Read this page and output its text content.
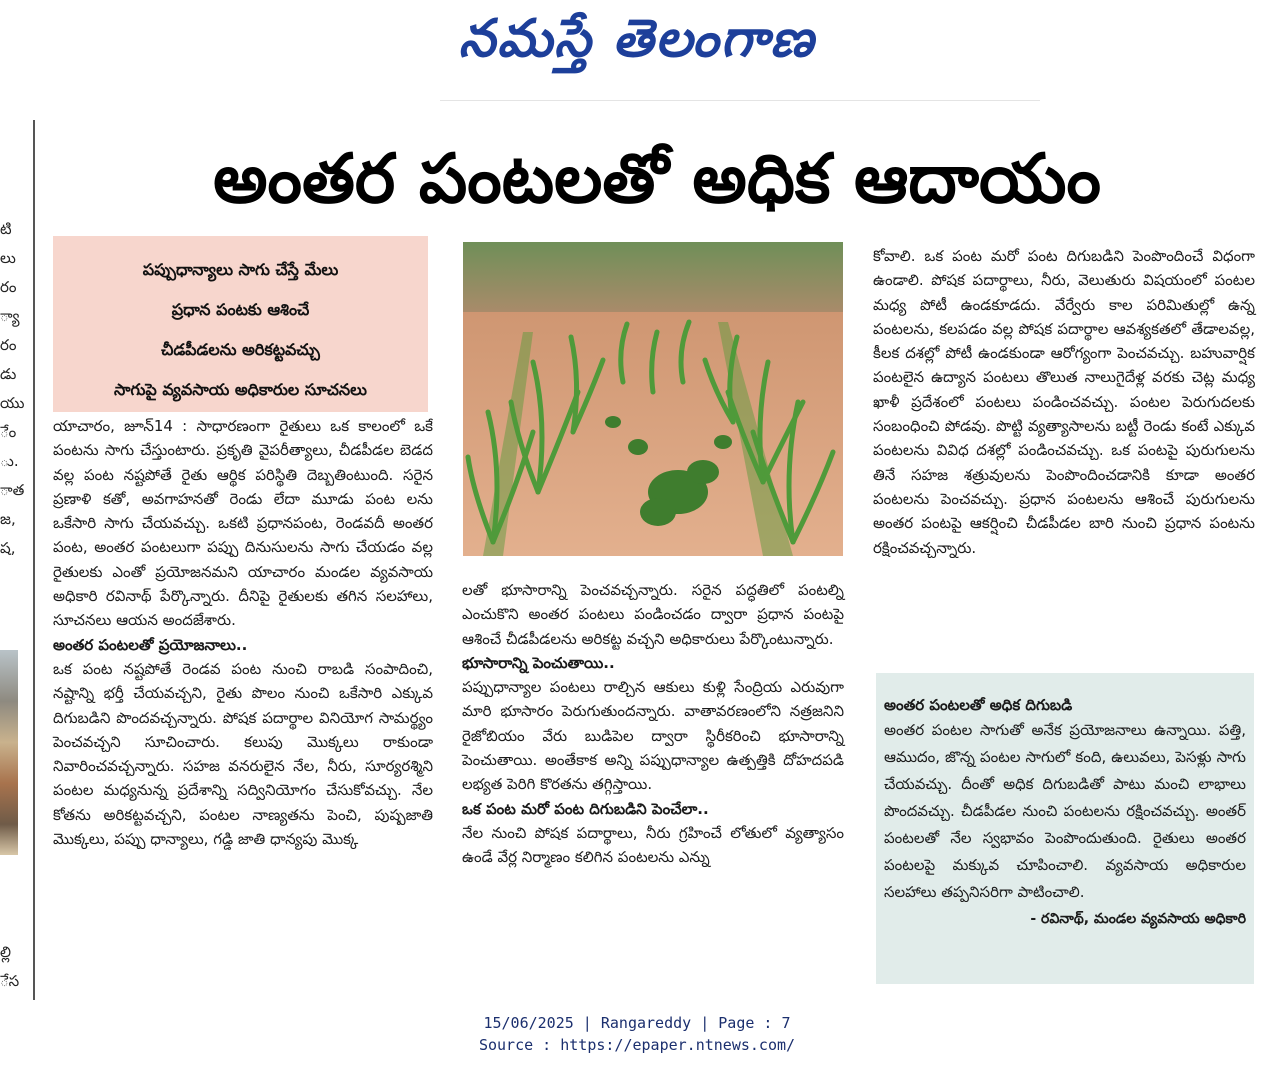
నమస్తే తెలంగాణ
టి
లు
రం
్యా
రం
డు
యు
ేం
ు.
ాత
జ,
ష,
ల్లి
ేస
అంతర పంటలతో అధిక ఆదాయం
పప్పుధాన్యాలు సాగు చేస్తే మేలు
ప్రధాన పంటకు ఆశించే
చీడపీడలను అరికట్టవచ్చు
సాగుపై వ్యవసాయ అధికారుల సూచనలు

యాచారం, జూన్14 : సాధారణంగా రైతులు ఒక కాలంలో ఒకే పంటను సాగు చేస్తుంటారు. ప్రకృతి వైపరీత్యాలు, చీడపీడల బెడద వల్ల పంట నష్టపోతే రైతు ఆర్థిక పరిస్థితి దెబ్బతింటుంది. సరైన ప్రణాళి కతో, అవగాహనతో రెండు లేదా మూడు పంట లను ఒకేసారి సాగు చేయవచ్చు. ఒకటి ప్రధానపంట, రెండవదీ అంతర పంట, అంతర పంటలుగా పప్పు దినుసులను సాగు చేయడం వల్ల రైతులకు ఎంతో ప్రయోజనమని యాచారం మండల వ్యవసాయ అధికారి రవినాథ్ పేర్కొన్నారు. దీనిపై రైతులకు తగిన సలహాలు, సూచనలు ఆయన అందజేశారు.

అంతర పంటలతో ప్రయోజనాలు..

ఒక పంట నష్టపోతే రెండవ పంట నుంచి రాబడి సంపాదించి, నష్టాన్ని భర్తీ చేయవచ్చని, రైతు పొలం నుంచి ఒకేసారి ఎక్కువ దిగుబడిని పొందవచ్చన్నారు. పోషక పదార్థాల వినియోగ సామర్థ్యం పెంచవచ్చని సూచించారు. కలుపు మొక్కలు రాకుండా నివారించవచ్చన్నారు. సహజ వనరులైన నేల, నీరు, సూర్యరశ్మిని పంటల మధ్యనున్న ప్రదేశాన్ని సద్వినియోగం చేసుకోవచ్చు. నేల కోతను అరికట్టవచ్చని, పంటల నాణ్యతను పెంచి, పుష్పజాతి మొక్కలు, పప్పు ధాన్యాలు, గడ్డి జాతి ధాన్యపు మొక్క

లతో భూసారాన్ని పెంచవచ్చన్నారు. సరైన పద్ధతిలో పంటల్ని ఎంచుకొని అంతర పంటలు పండించడం ద్వారా ప్రధాన పంటపై ఆశించే చీడపీడలను అరికట్ట వచ్చని అధికారులు పేర్కొంటున్నారు.

భూసారాన్ని పెంచుతాయి..

పప్పుధాన్యాల పంటలు రాల్చిన ఆకులు కుళ్లి సేంద్రియ ఎరువుగా మారి భూసారం పెరుగుతుందన్నారు. వాతావరణంలోని నత్రజనిని రైజోబియం వేరు బుడిపెల ద్వారా స్థిరీకరించి భూసారాన్ని పెంచుతాయి. అంతేకాక అన్ని పప్పుధాన్యాల ఉత్పత్తికి దోహదపడి లభ్యత పెరిగి కొరతను తగ్గిస్తాయి.

ఒక పంట మరో పంట దిగుబడిని పెంచేలా..

నేల నుంచి పోషక పదార్థాలు, నీరు గ్రహించే లోతులో వ్యత్యాసం ఉండే వేర్ల నిర్మాణం కలిగిన పంటలను ఎన్ను

కోవాలి. ఒక పంట మరో పంట దిగుబడిని పెంపొందించే విధంగా ఉండాలి. పోషక పదార్థాలు, నీరు, వెలుతురు విషయంలో పంటల మధ్య పోటీ ఉండకూడదు. వేర్వేరు కాల పరిమితుల్లో ఉన్న పంటలను, కలపడం వల్ల పోషక పదార్థాల ఆవశ్యకతలో తేడాలవల్ల, కీలక దశల్లో పోటీ ఉండకుండా ఆరోగ్యంగా పెంచవచ్చు. బహువార్షిక పంటలైన ఉద్యాన పంటలు తొలుత నాలుగైదేళ్ల వరకు చెట్ల మధ్య ఖాళీ ప్రదేశంలో పంటలు పండించవచ్చు. పంటల పెరుగుదలకు సంబంధించి పోడవు. పొట్టి వ్యత్యాసాలను బట్టీ రెండు కంటే ఎక్కువ పంటలను వివిధ దశల్లో పండించవచ్చు. ఒక పంటపై పురుగులను తినే సహజ శత్రువులను పెంపొందించడానికి కూడా అంతర పంటలను పెంచవచ్చు. ప్రధాన పంటలను ఆశించే పురుగులను అంతర పంటపై ఆకర్షించి చీడపీడల బారి నుంచి ప్రధాన పంటను రక్షించవచ్చన్నారు.

అంతర పంటలతో అధిక దిగుబడి
అంతర పంటల సాగుతో అనేక ప్రయోజనాలు ఉన్నాయి. పత్తి, ఆముదం, జొన్న పంటల సాగులో కంది, ఉలువలు, పెసళ్లు సాగు చేయవచ్చు. దీంతో అధిక దిగుబడితో పాటు మంచి లాభాలు పొందవచ్చు. చీడపీడల నుంచి పంటలను రక్షించవచ్చు. అంతర్ పంటలతో నేల స్వభావం పెంపొందుతుంది. రైతులు అంతర పంటలపై మక్కువ చూపించాలి. వ్యవసాయ అధికారుల సలహాలు తప్పనిసరిగా పాటించాలి.
- రవినాథ్, మండల వ్యవసాయ అధికారి
15/06/2025 | Rangareddy | Page : 7
Source : https://epaper.ntnews.com/
